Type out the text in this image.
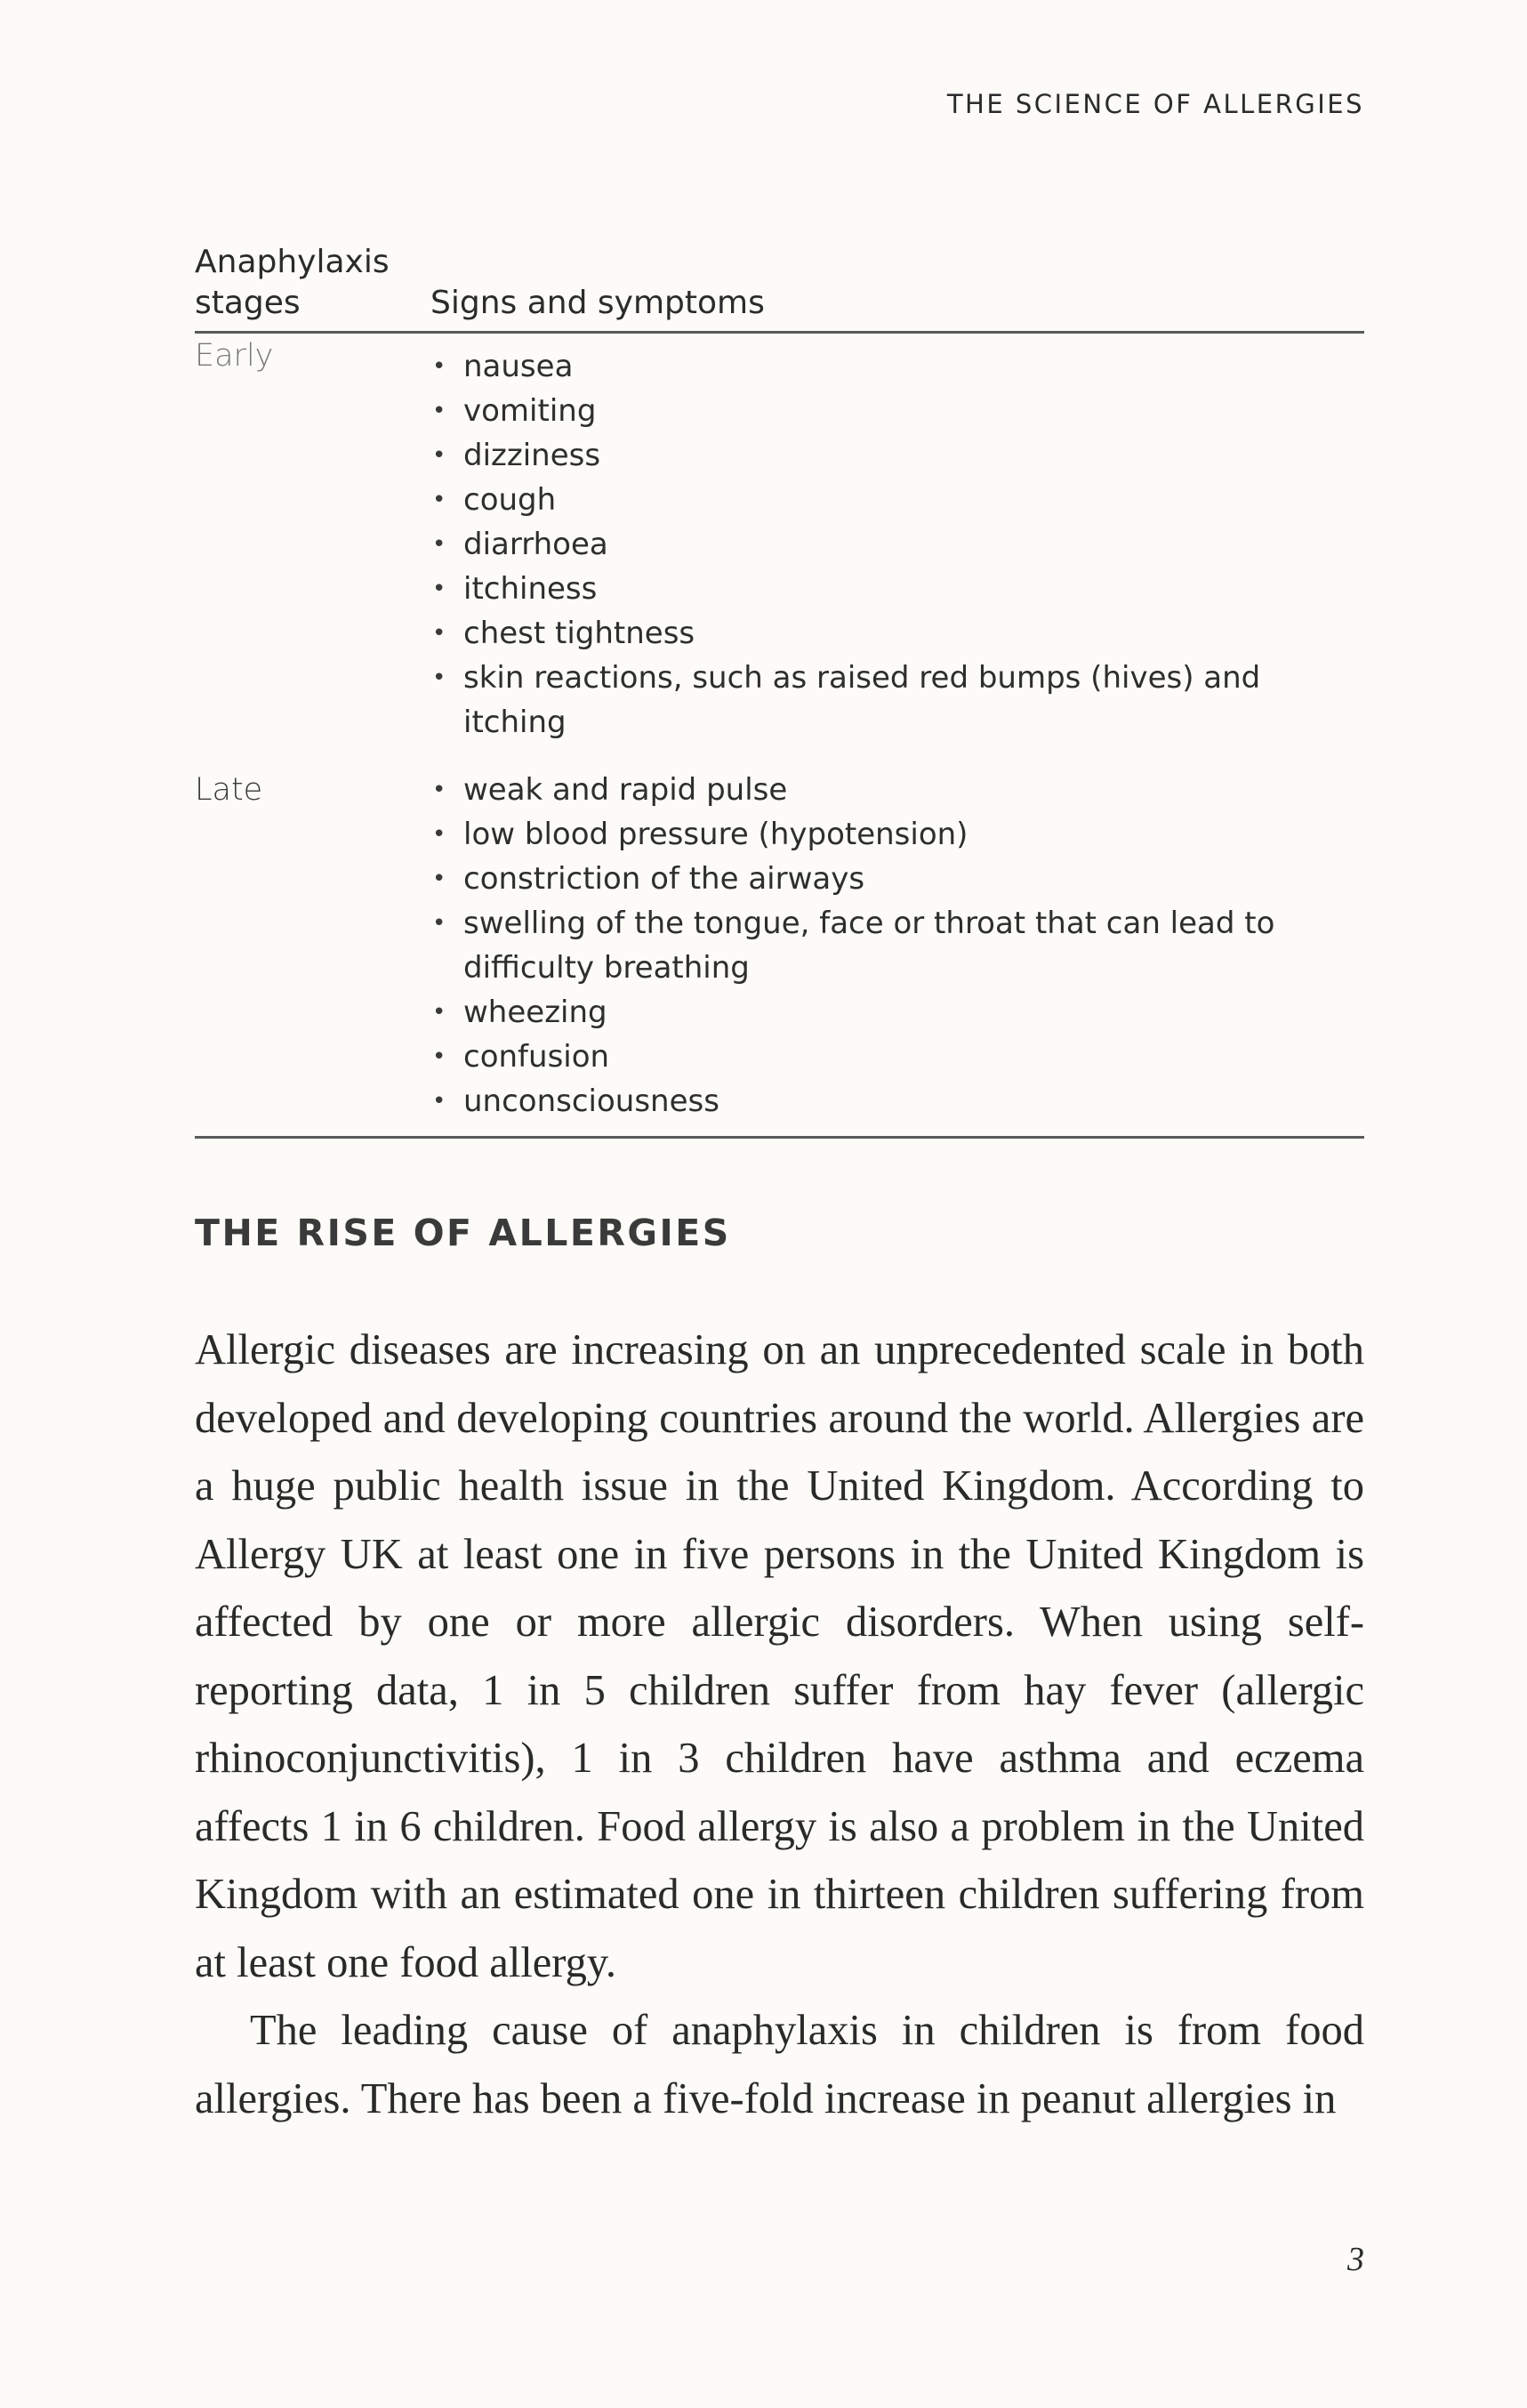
THE SCIENCE OF ALLERGIES
Anaphylaxis stages	Signs and symptoms
Early	• nausea
• vomiting
• dizziness
• cough
• diarrhoea
• itchiness
• chest tightness
• skin reactions, such as raised red bumps (hives) and itching
Late	• weak and rapid pulse
• low blood pressure (hypotension)
• constriction of the airways
• swelling of the tongue, face or throat that can lead to difficulty breathing
• wheezing
• confusion
• unconsciousness
THE RISE OF ALLERGIES

Allergic diseases are increasing on an unprecedented scale in both developed and developing countries around the world. Allergies are a huge public health issue in the United Kingdom. According to Allergy UK at least one in five persons in the United Kingdom is affected by one or more allergic disorders. When using self-reporting data, 1 in 5 children suffer from hay fever (allergic rhinoconjunctivitis), 1 in 3 children have asthma and eczema affects 1 in 6 children. Food allergy is also a problem in the United Kingdom with an estimated one in thirteen children suffering from at least one food allergy.

The leading cause of anaphylaxis in children is from food allergies. There has been a five-fold increase in peanut allergies in

3
